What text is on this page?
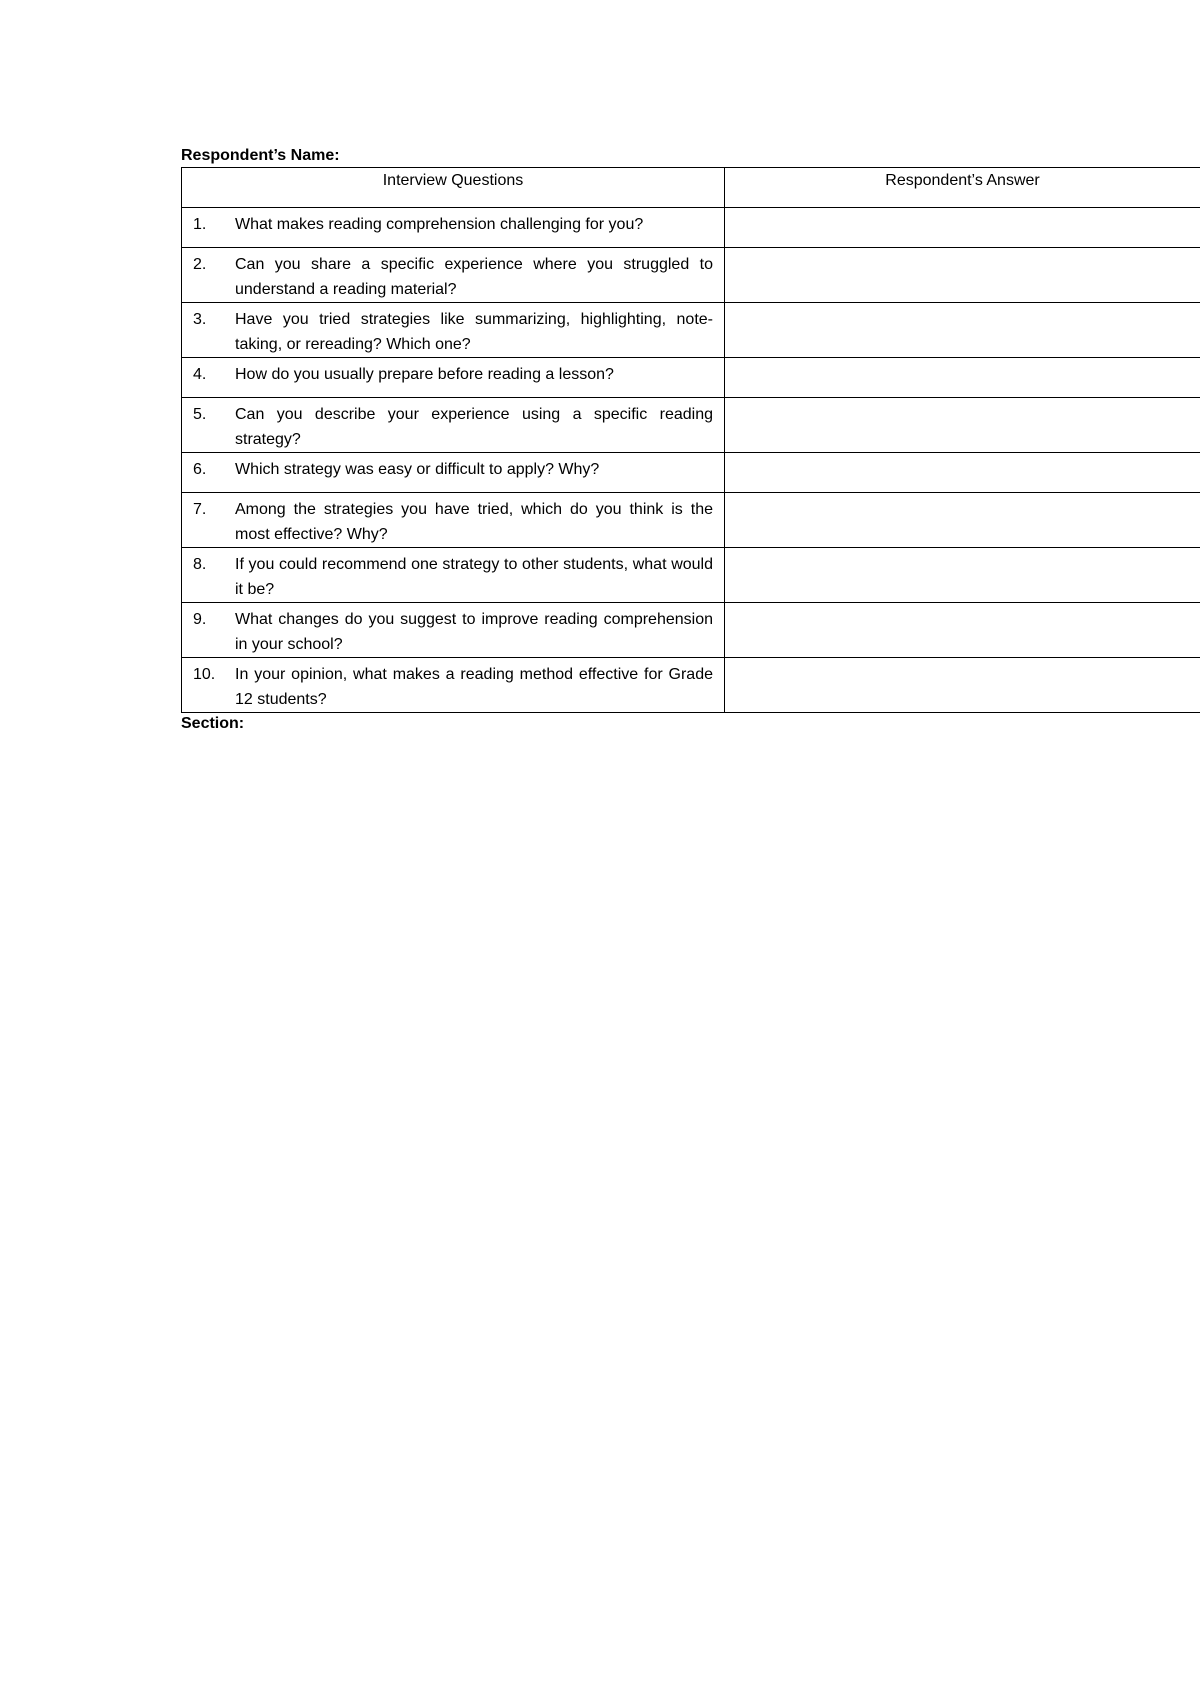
Respondent’s Name:
Interview Questions	Respondent’s Answer

1. What makes reading comprehension challenging for you?	

2. Can you share a specific experience where you struggled to understand a reading material?	

3. Have you tried strategies like summarizing, highlighting, note-taking, or rereading? Which one?	

4. How do you usually prepare before reading a lesson?	

5. Can you describe your experience using a specific reading strategy?	

6. Which strategy was easy or difficult to apply? Why?	

7. Among the strategies you have tried, which do you think is the most effective? Why?	

8. If you could recommend one strategy to other students, what would it be?	

9. What changes do you suggest to improve reading comprehension in your school?	

10. In your opinion, what makes a reading method effective for Grade 12 students?	

Section:
